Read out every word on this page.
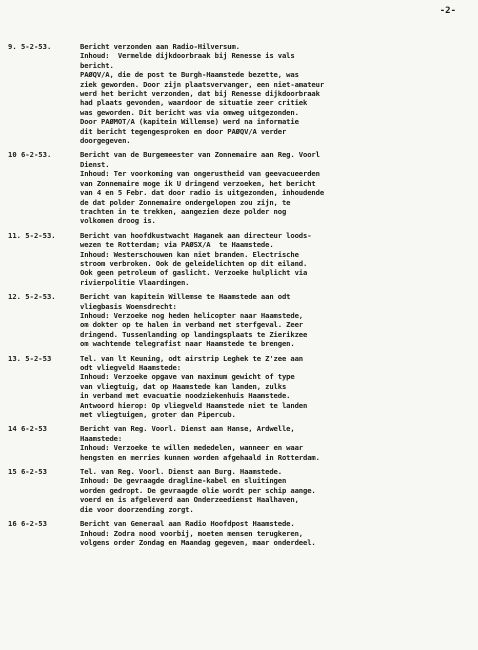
-2-
9. 5-2-53.	Bericht verzonden aan Radio-Hilversum.
Inhoud:  Vermelde dijkdoorbraak bij Renesse is vals
bericht.
PAØQV/A, die de post te Burgh-Haamstede bezette, was
ziek geworden. Door zijn plaatsvervanger, een niet-amateur
werd het bericht verzonden, dat bij Renesse dijkdoorbraak
had plaats gevonden, waardoor de situatie zeer critiek
was geworden. Dit bericht was via omweg uitgezonden.
Door PAØMOT/A (kapitein Willemse) werd na informatie
dit bericht tegengesproken en door PAØQV/A verder
doorgegeven.
10 6-2-53.	Bericht van de Burgemeester van Zonnemaire aan Reg. Voorl
Dienst.
Inhoud: Ter voorkoming van ongerustheid van geevacueerden
van Zonnemaire moge ik U dringend verzoeken, het bericht
van 4 en 5 Febr. dat door radio is uitgezonden, inhoudende
de dat polder Zonnemaire ondergelopen zou zijn, te
trachten in te trekken, aangezien deze polder nog
volkomen droog is.
11. 5-2-53.	Bericht van hoofdkustwacht Haganek aan directeur loods-
wezen te Rotterdam; via PAØSX/A  te Haamstede.
Inhoud: Westerschouwen kan niet branden. Electrische
stroom verbroken. Ook de geleidelichten op dit eiland.
Ook geen petroleum of gaslicht. Verzoeke hulplicht via
rivierpolitie Vlaardingen.
12. 5-2-53.	Bericht van kapitein Willemse te Haamstede aan odt
vliegbasis Woensdrecht:
Inhoud: Verzoeke nog heden helicopter naar Haamstede,
om dokter op te halen in verband met sterfgeval. Zeer
dringend. Tussenlanding op landingsplaats te Zierikzee
om wachtende telegrafist naar Haamstede te brengen.
13. 5-2-53	Tel. van lt Keuning, odt airstrip Leghek te Z'zee aan
odt vliegveld Haamstede:
Inhoud: Verzoeke opgave van maximum gewicht of type
van vliegtuig, dat op Haamstede kan landen, zulks
in verband met evacuatie noodziekenhuis Haamstede.
Antwoord hierop: Op vliegveld Haamstede niet te landen
met vliegtuigen, groter dan Pipercub.
14 6-2-53	Bericht van Reg. Voorl. Dienst aan Hanse, Ardwelle,
Haamstede:
Inhoud: Verzoeke te willen mededelen, wanneer en waar
hengsten en merries kunnen worden afgehaald in Rotterdam.
15 6-2-53	Tel. van Reg. Voorl. Dienst aan Burg. Haamstede.
Inhoud: De gevraagde dragline-kabel en sluitingen
worden gedropt. De gevraagde olie wordt per schip aange.
voerd en is afgeleverd aan Onderzeedienst Haalhaven,
die voor doorzending zorgt.
16 6-2-53	Bericht van Generaal aan Radio Hoofdpost Haamstede.
Inhoud: Zodra nood voorbij, moeten mensen terugkeren,
volgens order Zondag en Maandag gegeven, maar onderdeel.
